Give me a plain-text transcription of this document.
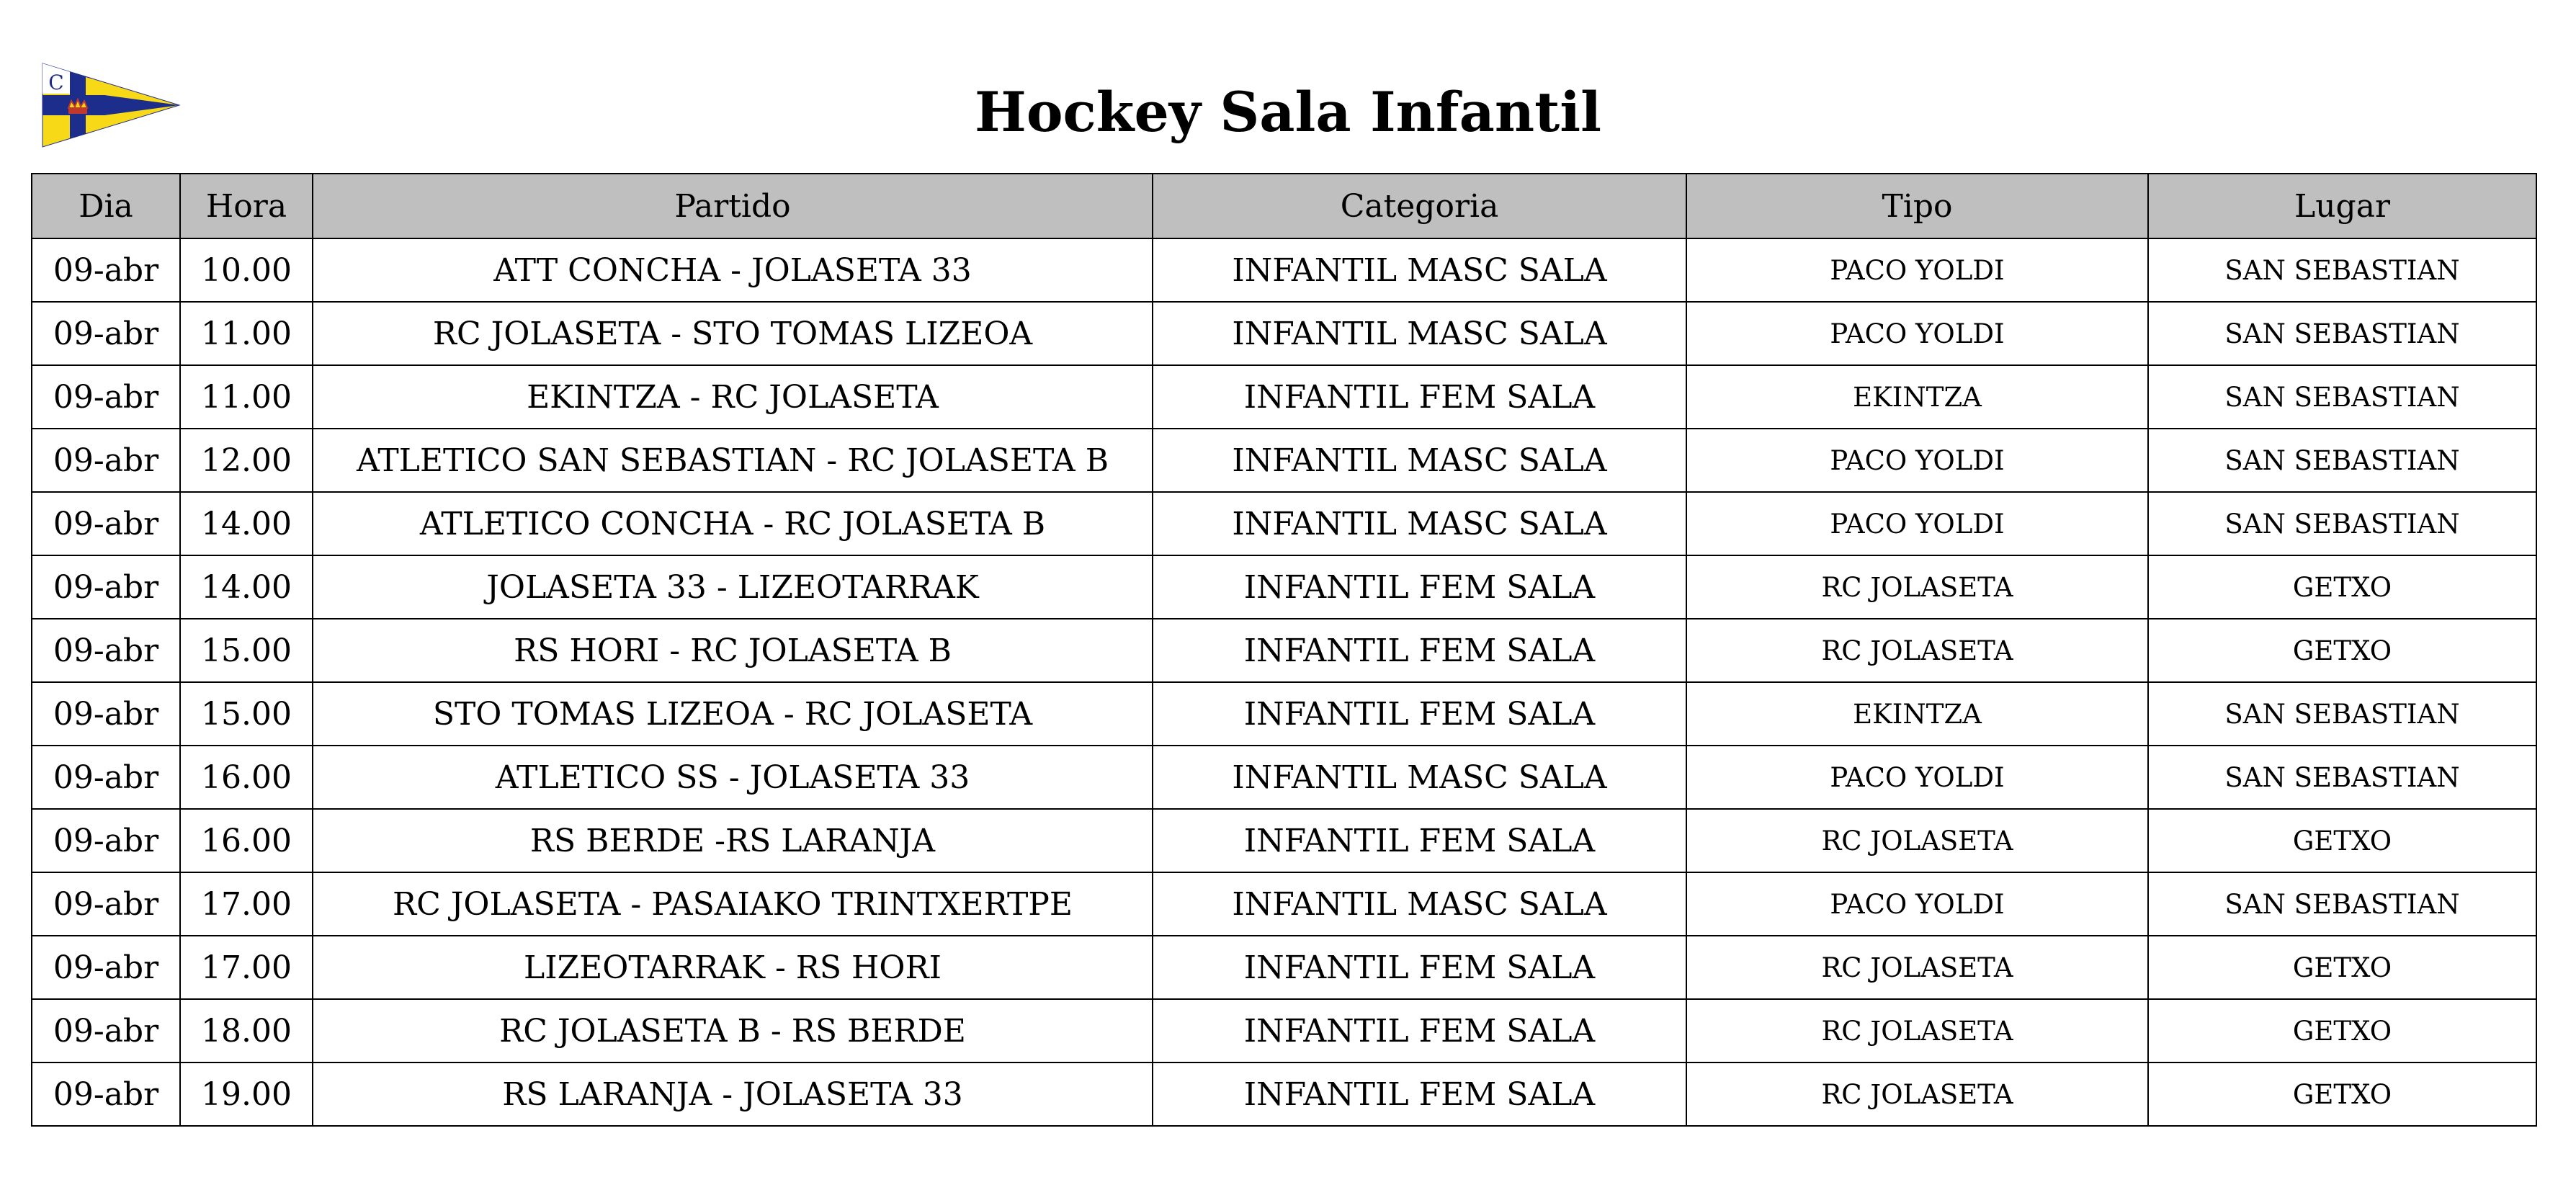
C	Hockey Sala Infantil
Dia	Hora	Partido	Categoria	Tipo	Lugar
09-abr	10.00	ATT CONCHA - JOLASETA 33	INFANTIL MASC SALA	PACO YOLDI	SAN SEBASTIAN
09-abr	11.00	RC JOLASETA - STO TOMAS LIZEOA	INFANTIL MASC SALA	PACO YOLDI	SAN SEBASTIAN
09-abr	11.00	EKINTZA - RC JOLASETA	INFANTIL FEM SALA	EKINTZA	SAN SEBASTIAN
09-abr	12.00	ATLETICO SAN SEBASTIAN - RC JOLASETA B	INFANTIL MASC SALA	PACO YOLDI	SAN SEBASTIAN
09-abr	14.00	ATLETICO CONCHA - RC JOLASETA B	INFANTIL MASC SALA	PACO YOLDI	SAN SEBASTIAN
09-abr	14.00	JOLASETA 33 - LIZEOTARRAK	INFANTIL FEM SALA	RC JOLASETA	GETXO
09-abr	15.00	RS HORI - RC JOLASETA B	INFANTIL FEM SALA	RC JOLASETA	GETXO
09-abr	15.00	STO TOMAS LIZEOA - RC JOLASETA	INFANTIL FEM SALA	EKINTZA	SAN SEBASTIAN
09-abr	16.00	ATLETICO SS - JOLASETA 33	INFANTIL MASC SALA	PACO YOLDI	SAN SEBASTIAN
09-abr	16.00	RS BERDE -RS LARANJA	INFANTIL FEM SALA	RC JOLASETA	GETXO
09-abr	17.00	RC JOLASETA - PASAIAKO TRINTXERTPE	INFANTIL MASC SALA	PACO YOLDI	SAN SEBASTIAN
09-abr	17.00	LIZEOTARRAK - RS HORI	INFANTIL FEM SALA	RC JOLASETA	GETXO
09-abr	18.00	RC JOLASETA B - RS BERDE	INFANTIL FEM SALA	RC JOLASETA	GETXO
09-abr	19.00	RS LARANJA - JOLASETA 33	INFANTIL FEM SALA	RC JOLASETA	GETXO
